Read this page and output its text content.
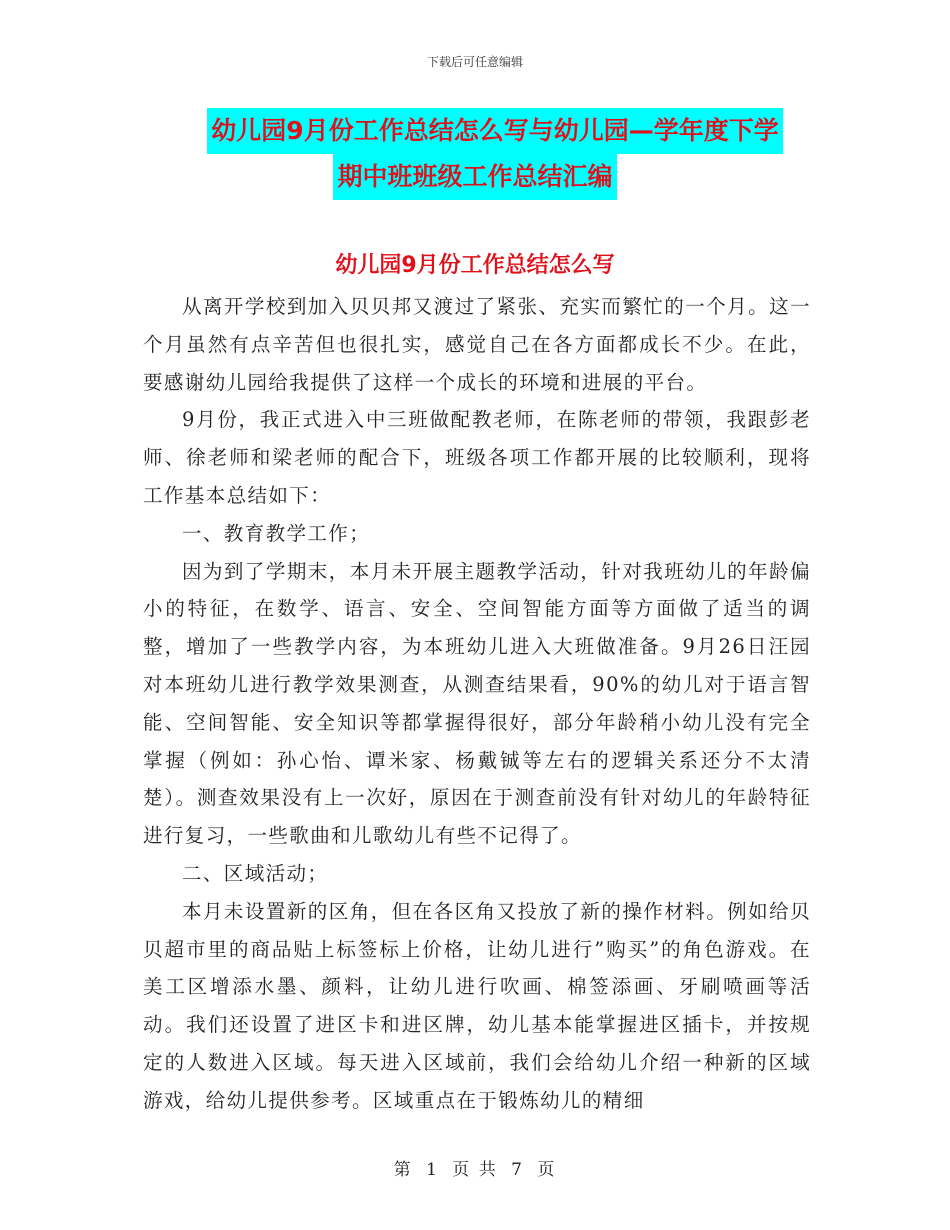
下载后可任意编辑
幼儿园9月份工作总结怎么写与幼儿园—学年度下学
期中班班级工作总结汇编
幼儿园9月份工作总结怎么写

从离开学校到加入贝贝邦又渡过了紧张、充实而繁忙的一个月。这一个月虽然有点辛苦但也很扎实，感觉自己在各方面都成长不少。在此，要感谢幼儿园给我提供了这样一个成长的环境和进展的平台。

9月份，我正式进入中三班做配教老师，在陈老师的带领，我跟彭老师、徐老师和梁老师的配合下，班级各项工作都开展的比较顺利，现将工作基本总结如下：

一、教育教学工作；

因为到了学期末，本月未开展主题教学活动，针对我班幼儿的年龄偏小的特征，在数学、语言、安全、空间智能方面等方面做了适当的调整，增加了一些教学内容，为本班幼儿进入大班做准备。9月26日汪园对本班幼儿进行教学效果测查，从测查结果看，90%的幼儿对于语言智能、空间智能、安全知识等都掌握得很好，部分年龄稍小幼儿没有完全掌握（例如：孙心怡、谭米家、杨戴铖等左右的逻辑关系还分不太清楚）。测查效果没有上一次好，原因在于测查前没有针对幼儿的年龄特征进行复习，一些歌曲和儿歌幼儿有些不记得了。

二、区域活动；

本月未设置新的区角，但在各区角又投放了新的操作材料。例如给贝贝超市里的商品贴上标签标上价格，让幼儿进行”购买”的角色游戏。在美工区增添水墨、颜料，让幼儿进行吹画、棉签添画、牙刷喷画等活动。我们还设置了进区卡和进区牌，幼儿基本能掌握进区插卡，并按规定的人数进入区域。每天进入区域前，我们会给幼儿介绍一种新的区域游戏，给幼儿提供参考。区域重点在于锻炼幼儿的精细

第 1 页 共 7 页
